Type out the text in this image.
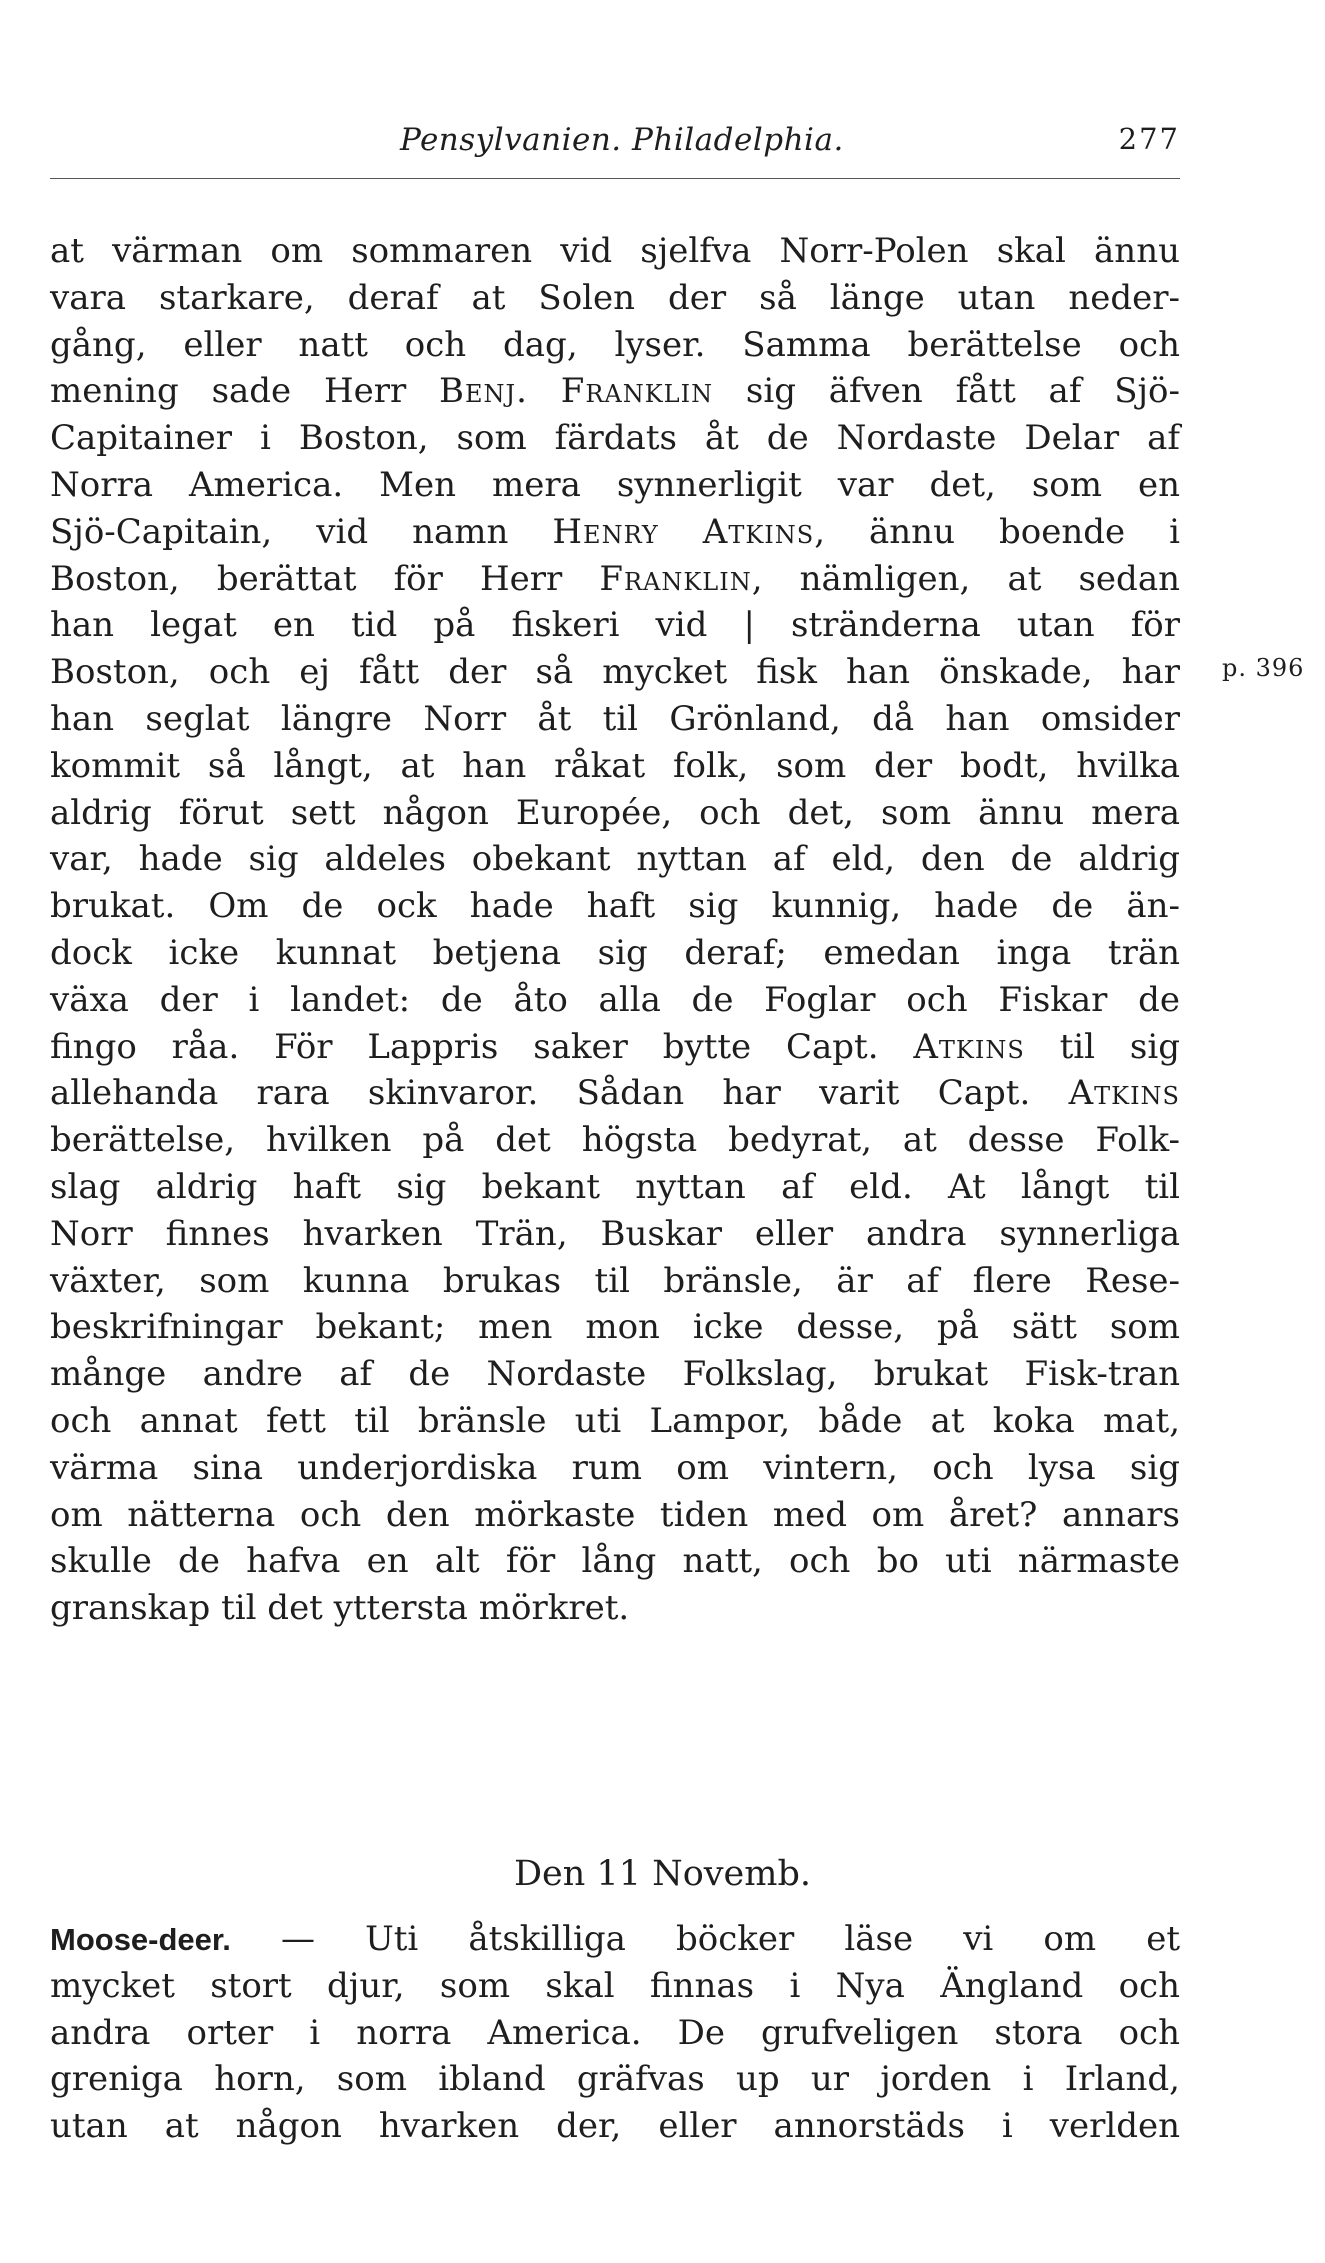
Pensylvanien. Philadelphia.	277
at värman om sommaren vid sjelfva Norr-Polen skal ännu
vara starkare, deraf at Solen der så länge utan neder-
gång, eller natt och dag, lyser. Samma berättelse och
mening sade Herr Benj. Franklin sig äfven fått af Sjö-
Capitainer i Boston, som färdats åt de Nordaste Delar af
Norra America. Men mera synnerligit var det, som en
Sjö-Capitain, vid namn Henry Atkins, ännu boende i
Boston, berättat för Herr Franklin, nämligen, at sedan
han legat en tid på fiskeri vid | stränderna utan för
Boston, och ej fått der så mycket fisk han önskade, har
han seglat längre Norr åt til Grönland, då han omsider
kommit så långt, at han råkat folk, som der bodt, hvilka
aldrig förut sett någon Europée, och det, som ännu mera
var, hade sig aldeles obekant nyttan af eld, den de aldrig
brukat. Om de ock hade haft sig kunnig, hade de än-
dock icke kunnat betjena sig deraf; emedan inga trän
växa der i landet: de åto alla de Foglar och Fiskar de
fingo råa. För Lappris saker bytte Capt. Atkins til sig
allehanda rara skinvaror. Sådan har varit Capt. Atkins
berättelse, hvilken på det högsta bedyrat, at desse Folk-
slag aldrig haft sig bekant nyttan af eld. At långt til
Norr finnes hvarken Trän, Buskar eller andra synnerliga
växter, som kunna brukas til bränsle, är af flere Rese-
beskrifningar bekant; men mon icke desse, på sätt som
månge andre af de Nordaste Folkslag, brukat Fisk-tran
och annat fett til bränsle uti Lampor, både at koka mat,
värma sina underjordiska rum om vintern, och lysa sig
om nätterna och den mörkaste tiden med om året? annars
skulle de hafva en alt för lång natt, och bo uti närmaste
granskap til det yttersta mörkret.
p. 396
Den 11 Novemb.
Moose-deer. — Uti åtskilliga böcker läse vi om et
mycket stort djur, som skal finnas i Nya Ängland och
andra orter i norra America. De grufveligen stora och
greniga horn, som ibland gräfvas up ur jorden i Irland,
utan at någon hvarken der, eller annorstäds i verlden
